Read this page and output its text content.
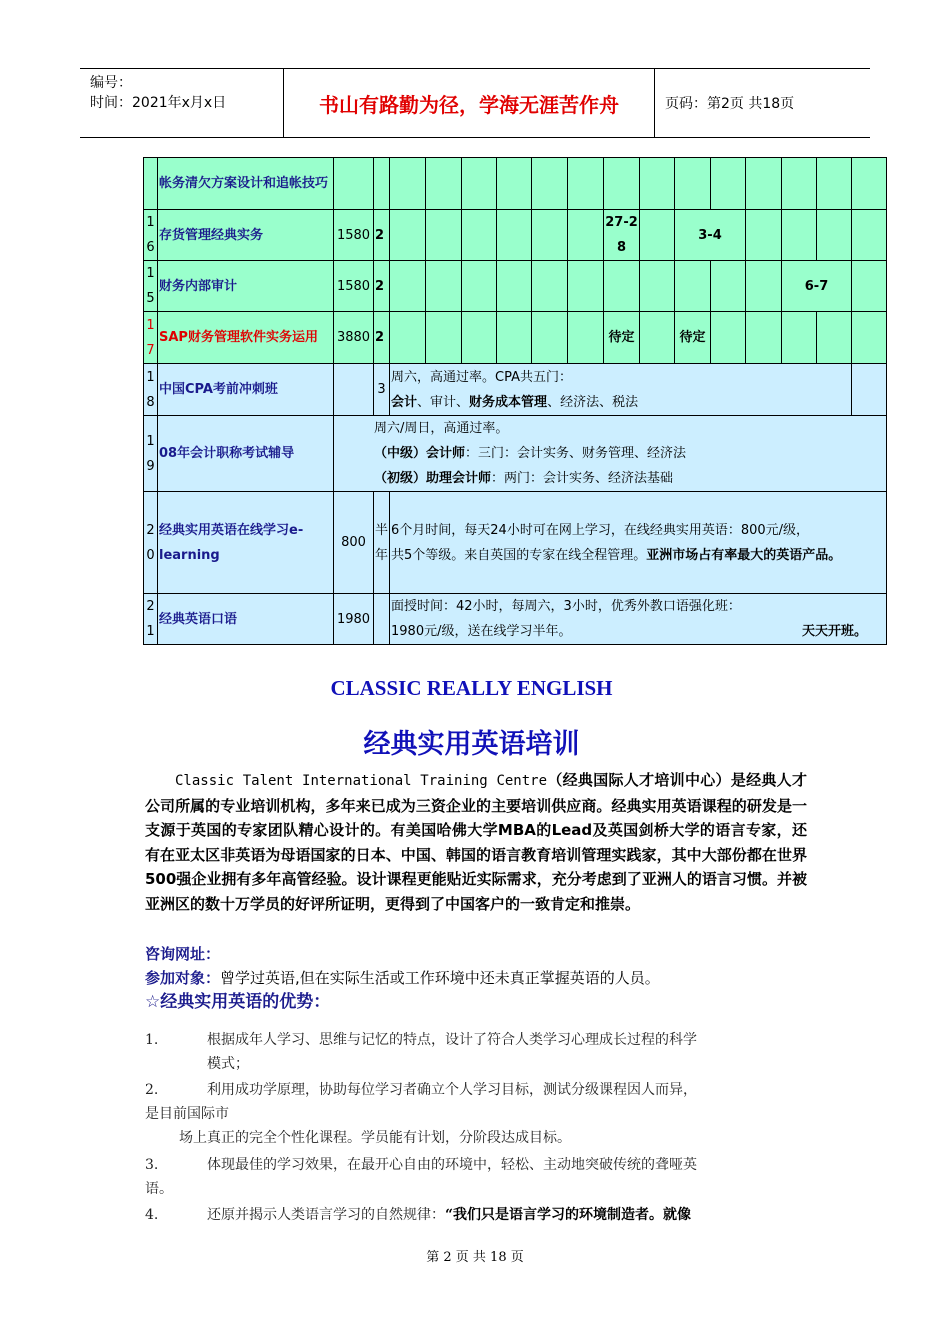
编号：
时间：2021年x月x日	书山有路勤为径，学海无涯苦作舟	页码：第2页 共18页
	帐务清欠方案设计和追帐技巧																
16	存货管理经典实务	1580	2							27-28		3-4					
15	财务内部审计	1580	2												6-7		
17	SAP财务管理软件实务运用	3880	2							待定		待定					
18	中国CPA考前冲刺班		3	周六，高通过率。CPA共五门：
会计、审计、财务成本管理、经济法、税法													

19	08年会计职称考试辅导	周六/周日，高通过率。
（中级）会计师：三门：会计实务、财务管理、经济法
（初级）助理会计师：两门：会计实务、经济法基础															

20	经典实用英语在线学习e-learning	800	半年	6个月时间，每天24小时可在网上学习，在线经典实用英语：800元/级，
共5个等级。来自英国的专家在线全程管理。亚洲市场占有率最大的英语产品。													

21	经典英语口语	1980		面授时间：42小时，每周六，3小时，优秀外教口语强化班：
1980元/级，送在线学习半年。 天天开班。													
CLASSIC REALLY ENGLISH
经典实用英语培训
Classic Talent International Training Centre（经典国际人才培训中心）是经典人才公司所属的专业培训机构，多年来已成为三资企业的主要培训供应商。经典实用英语课程的研发是一支源于英国的专家团队精心设计的。有美国哈佛大学MBA的Lead及英国剑桥大学的语言专家，还有在亚太区非英语为母语国家的日本、中国、韩国的语言教育培训管理实践家，其中大部份都在世界500强企业拥有多年高管经验。设计课程更能贴近实际需求，充分考虑到了亚洲人的语言习惯。并被亚洲区的数十万学员的好评所证明，更得到了中国客户的一致肯定和推崇。
咨询网址：
参加对象：曾学过英语,但在实际生活或工作环境中还未真正掌握英语的人员。
☆经典实用英语的优势：
1.	根据成年人学习、思维与记忆的特点，设计了符合人类学习心理成长过程的科学
模式；
2.	利用成功学原理，协助每位学习者确立个人学习目标，测试分级课程因人而异，
是目前国际市
场上真正的完全个性化课程。学员能有计划，分阶段达成目标。
3.	体现最佳的学习效果，在最开心自由的环境中，轻松、主动地突破传统的聋哑英
语。
4.	还原并揭示人类语言学习的自然规律：“我们只是语言学习的环境制造者。就像
第 2 页 共 18 页
